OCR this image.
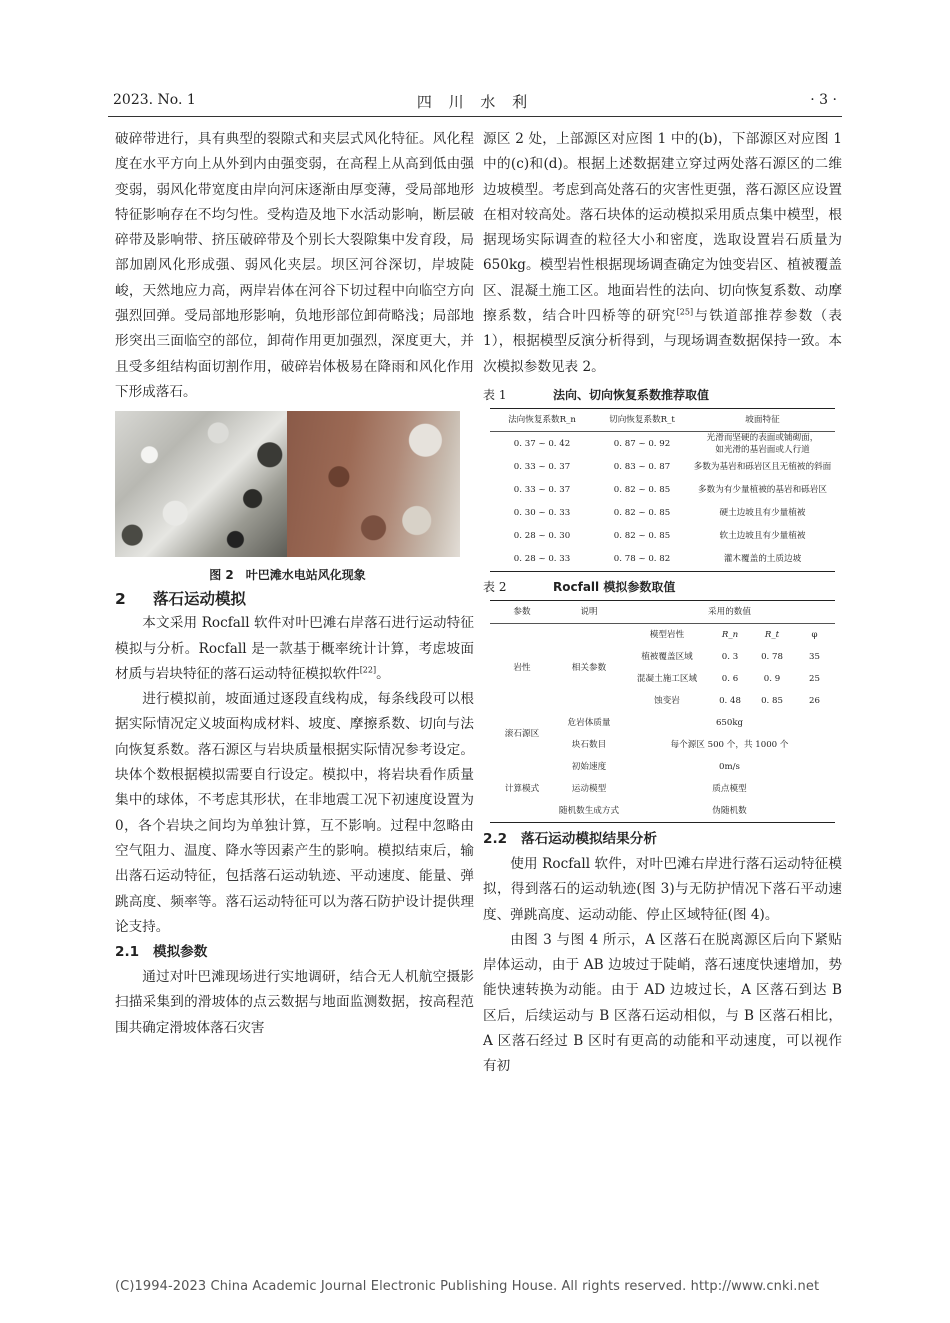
2023. No. 1	四 川 水 利	· 3 ·

破碎带进行，具有典型的裂隙式和夹层式风化特征。风化程度在水平方向上从外到内由强变弱，在高程上从高到低由强变弱，弱风化带宽度由岸向河床逐渐由厚变薄，受局部地形特征影响存在不均匀性。受构造及地下水活动影响，断层破碎带及影响带、挤压破碎带及个别长大裂隙集中发育段，局部加剧风化形成强、弱风化夹层。坝区河谷深切，岸坡陡峻，天然地应力高，两岸岩体在河谷下切过程中向临空方向强烈回弹。受局部地形影响，负地形部位卸荷略浅；局部地形突出三面临空的部位，卸荷作用更加强烈，深度更大，并且受多组结构面切割作用，破碎岩体极易在降雨和风化作用下形成落石。

图 2　叶巴滩水电站风化现象
2 落石运动模拟

本文采用 Rocfall 软件对叶巴滩右岸落石进行运动特征模拟与分析。Rocfall 是一款基于概率统计计算，考虑坡面材质与岩块特征的落石运动特征模拟软件[22]。

进行模拟前，坡面通过逐段直线构成，每条线段可以根据实际情况定义坡面构成材料、坡度、摩擦系数、切向与法向恢复系数。落石源区与岩块质量根据实际情况参考设定。块体个数根据模拟需要自行设定。模拟中，将岩块看作质量集中的球体，不考虑其形状，在非地震工况下初速度设置为 0，各个岩块之间均为单独计算，互不影响。过程中忽略由空气阻力、温度、降水等因素产生的影响。模拟结束后，输出落石运动特征，包括落石运动轨迹、平动速度、能量、弹跳高度、频率等。落石运动特征可以为落石防护设计提供理论支持。

2.1 模拟参数

通过对叶巴滩现场进行实地调研，结合无人机航空摄影扫描采集到的滑坡体的点云数据与地面监测数据，按高程范围共确定滑坡体落石灾害

源区 2 处，上部源区对应图 1 中的(b)，下部源区对应图 1 中的(c)和(d)。根据上述数据建立穿过两处落石源区的二维边坡模型。考虑到高处落石的灾害性更强，落石源区应设置在相对较高处。落石块体的运动模拟采用质点集中模型，根据现场实际调查的粒径大小和密度，选取设置岩石质量为 650kg。模型岩性根据现场调查确定为蚀变岩区、植被覆盖区、混凝土施工区。地面岩性的法向、切向恢复系数、动摩擦系数，结合叶四桥等的研究[25]与铁道部推荐参数（表 1），根据模型反演分析得到，与现场调查数据保持一致。本次模拟参数见表 2。

表 1	法向、切向恢复系数推荐取值
法向恢复系数R_n	切向恢复系数R_t	坡面特征
0. 37 ~ 0. 42	0. 87 ~ 0. 92	光滑而坚硬的表面或铺砌面，如光滑的基岩面或人行道
0. 33 ~ 0. 37	0. 83 ~ 0. 87	多数为基岩和砾岩区且无植被的斜面
0. 33 ~ 0. 37	0. 82 ~ 0. 85	多数为有少量植被的基岩和砾岩区
0. 30 ~ 0. 33	0. 82 ~ 0. 85	硬土边坡且有少量植被
0. 28 ~ 0. 30	0. 82 ~ 0. 85	软土边坡且有少量植被
0. 28 ~ 0. 33	0. 78 ~ 0. 82	灌木覆盖的土质边坡
表 2	Rocfall 模拟参数取值
参数	说明	采用的数值			
岩性	相关参数	模型岩性	R_n	R_t	φ
		植被覆盖区域	0. 3	0. 78	35
		混凝土施工区域	0. 6	0. 9	25
		蚀变岩	0. 48	0. 85	26
滚石源区	危岩体质量	650kg			
	块石数目	每个源区 500 个，共 1000 个			
计算模式	初始速度	0m/s			
	运动模型	质点模型			
	随机数生成方式	伪随机数			
2.2 落石运动模拟结果分析

使用 Rocfall 软件，对叶巴滩右岸进行落石运动特征模拟，得到落石的运动轨迹(图 3)与无防护情况下落石平动速度、弹跳高度、运动动能、停止区域特征(图 4)。

由图 3 与图 4 所示，A 区落石在脱离源区后向下紧贴岸体运动，由于 AB 边坡过于陡峭，落石速度快速增加，势能快速转换为动能。由于 AD 边坡过长，A 区落石到达 B 区后，后续运动与 B 区落石运动相似，与 B 区落石相比，A 区落石经过 B 区时有更高的动能和平动速度，可以视作有初

(C)1994-2023 China Academic Journal Electronic Publishing House. All rights reserved. http://www.cnki.net
